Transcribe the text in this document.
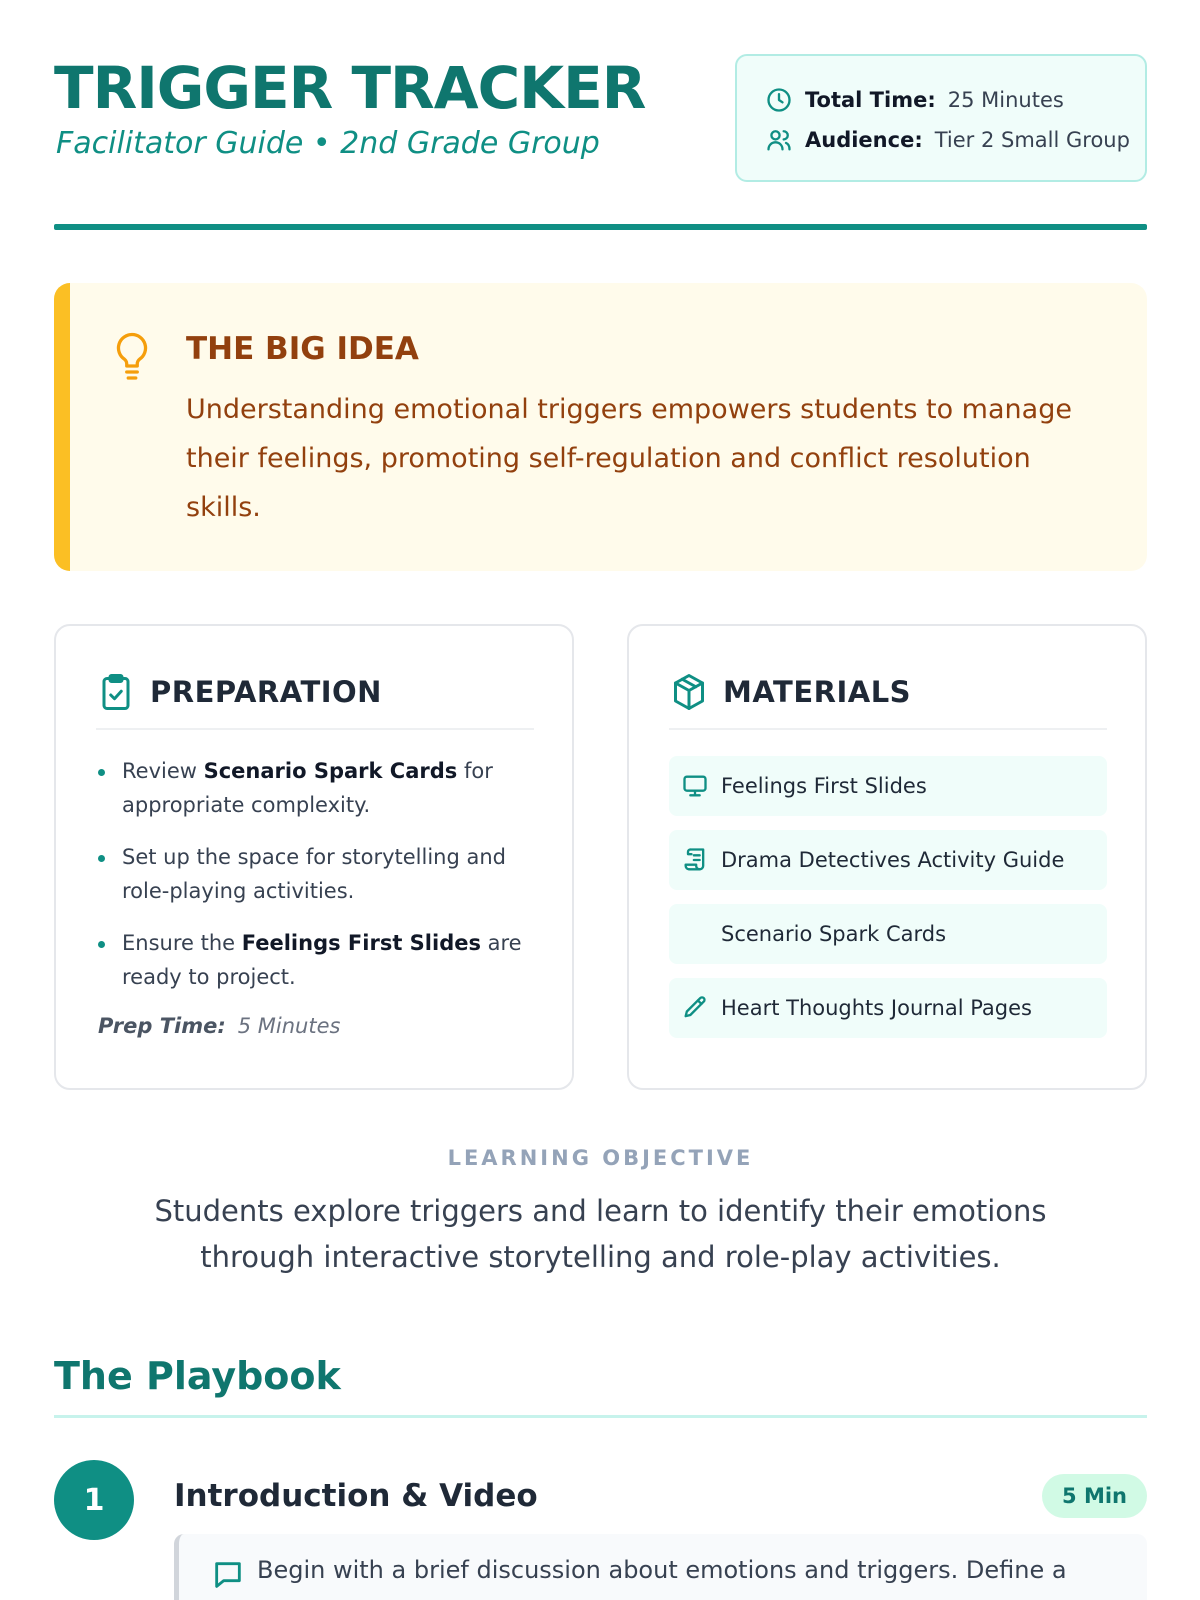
TRIGGER TRACKER
Facilitator Guide • 2nd Grade Group
Total Time: 25 Minutes
Audience: Tier 2 Small Group
THE BIG IDEA

Understanding emotional triggers empowers students to manage their feelings, promoting self-regulation and conflict resolution skills.

PREPARATION
Review Scenario Spark Cards for appropriate complexity.
Set up the space for storytelling and role-playing activities.
Ensure the Feelings First Slides are ready to project.
Prep Time: 5 Minutes
MATERIALS
Feelings First Slides
Drama Detectives Activity Guide
Scenario Spark Cards
Heart Thoughts Journal Pages
LEARNING OBJECTIVE
Students explore triggers and learn to identify their emotions through interactive storytelling and role-play activities.
The Playbook
1	Introduction & Video	5 Min
Begin with a brief discussion about emotions and triggers. Define a
